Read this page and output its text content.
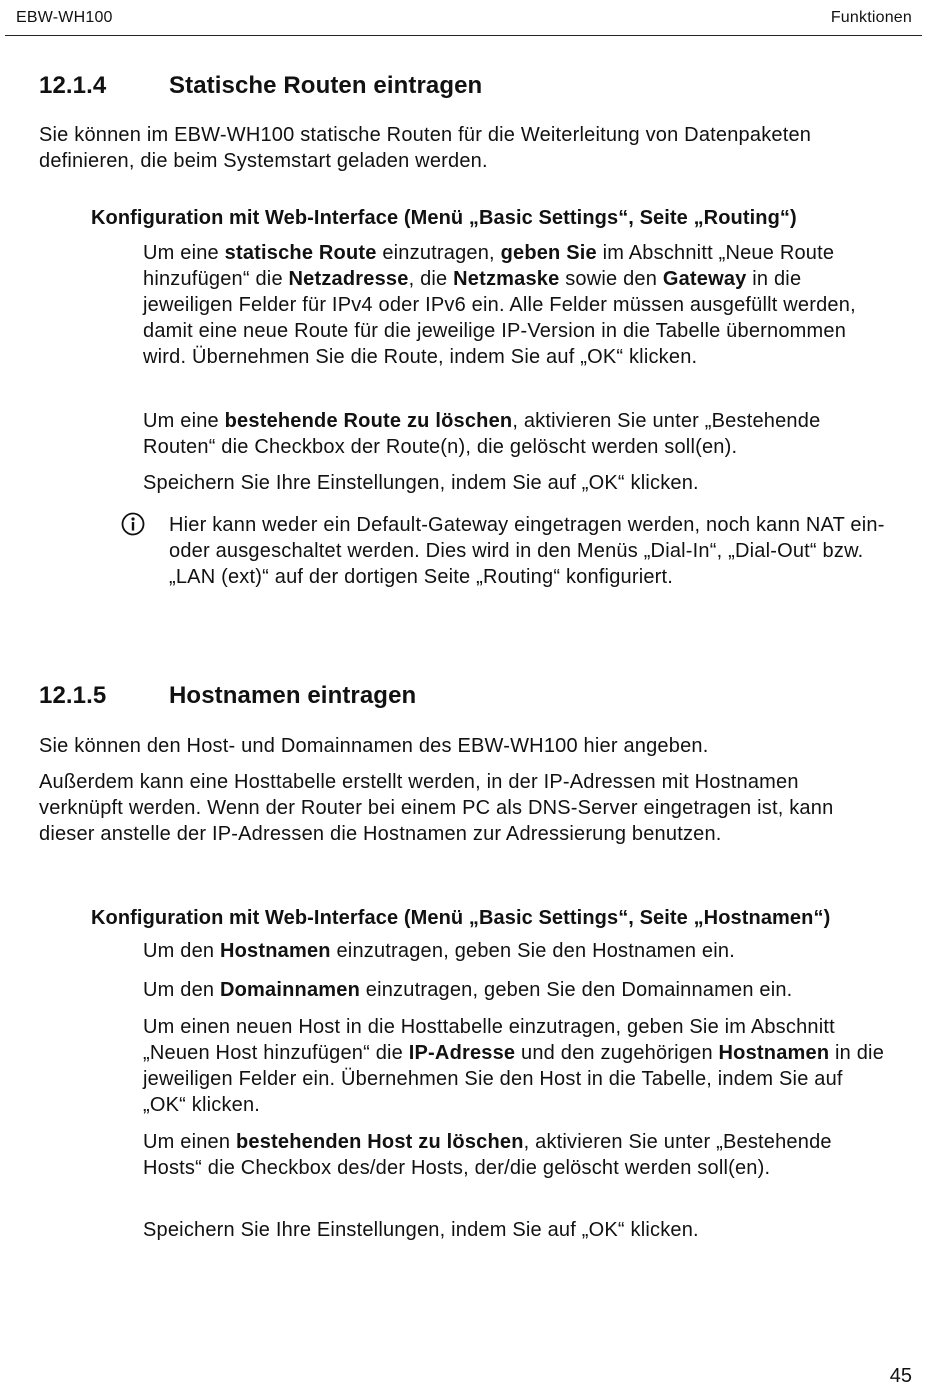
EBW-WH100	Funktionen
12.1.4	Statische Routen eintragen

Sie können im EBW-WH100 statische Routen für die Weiterleitung von Datenpaketen definieren, die beim Systemstart geladen werden.

Konfiguration mit Web-Interface (Menü „Basic Settings“, Seite „Routing“)

Um eine statische Route einzutragen, geben Sie im Abschnitt „Neue Route hinzufügen“ die Netzadresse, die Netzmaske sowie den Gateway in die jeweiligen Felder für IPv4 oder IPv6 ein. Alle Felder müssen ausgefüllt werden, damit eine neue Route für die jeweilige IP-Version in die Tabelle übernommen wird. Übernehmen Sie die Route, indem Sie auf „OK“ klicken.

Um eine bestehende Route zu löschen, aktivieren Sie unter „Bestehende Routen“ die Checkbox der Route(n), die gelöscht werden soll(en).

Speichern Sie Ihre Einstellungen, indem Sie auf „OK“ klicken.

Hier kann weder ein Default-Gateway eingetragen werden, noch kann NAT ein- oder ausgeschaltet werden. Dies wird in den Menüs „Dial-In“, „Dial-Out“ bzw. „LAN (ext)“ auf der dortigen Seite „Routing“ konfiguriert.

12.1.5	Hostnamen eintragen

Sie können den Host- und Domainnamen des EBW-WH100 hier angeben.

Außerdem kann eine Hosttabelle erstellt werden, in der IP-Adressen mit Hostnamen verknüpft werden. Wenn der Router bei einem PC als DNS-Server eingetragen ist, kann dieser anstelle der IP-Adressen die Hostnamen zur Adressierung benutzen.

Konfiguration mit Web-Interface (Menü „Basic Settings“, Seite „Hostnamen“)

Um den Hostnamen einzutragen, geben Sie den Hostnamen ein.

Um den Domainnamen einzutragen, geben Sie den Domainnamen ein.

Um einen neuen Host in die Hosttabelle einzutragen, geben Sie im Abschnitt „Neuen Host hinzufügen“ die IP-Adresse und den zugehörigen Hostnamen in die jeweiligen Felder ein. Übernehmen Sie den Host in die Tabelle, indem Sie auf „OK“ klicken.

Um einen bestehenden Host zu löschen, aktivieren Sie unter „Bestehende Hosts“ die Checkbox des/der Hosts, der/die gelöscht werden soll(en).

Speichern Sie Ihre Einstellungen, indem Sie auf „OK“ klicken.

45
